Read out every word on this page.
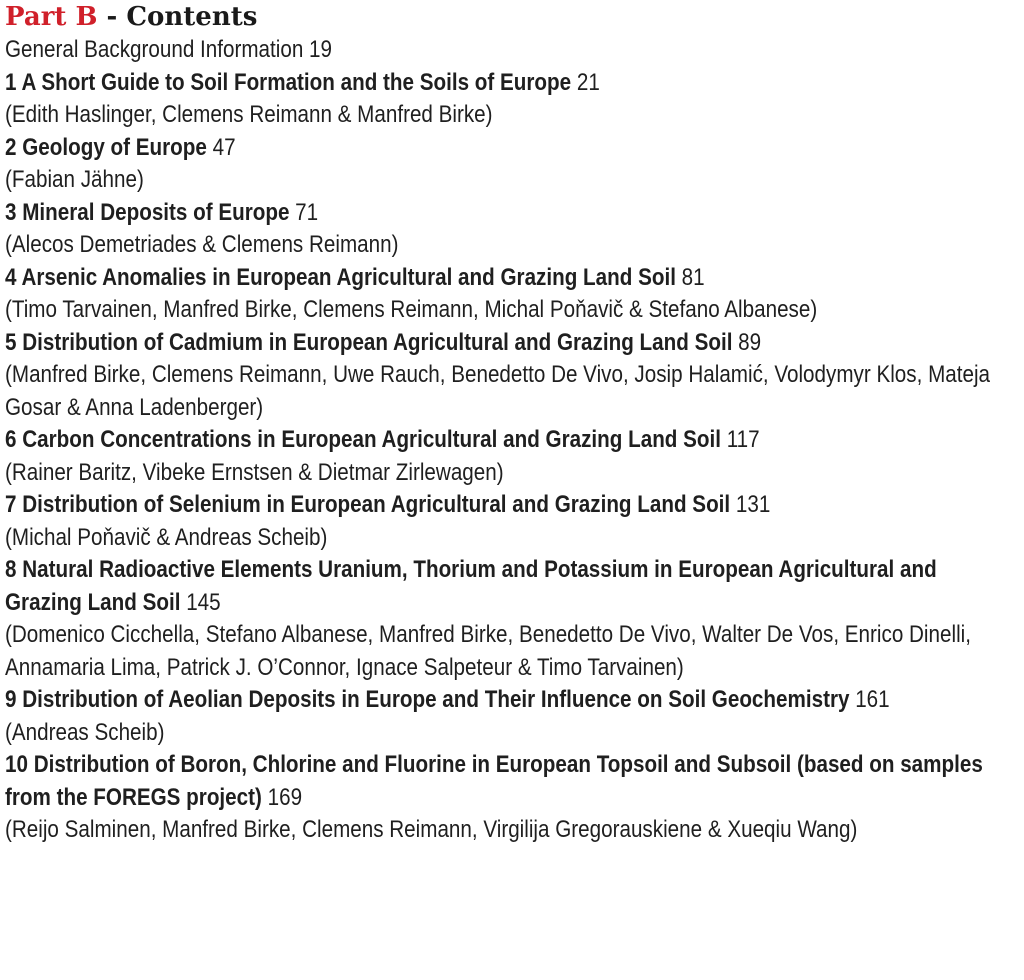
Part B - Contents
General Background Information 19
1 A Short Guide to Soil Formation and the Soils of Europe 21
(Edith Haslinger, Clemens Reimann & Manfred Birke)
2 Geology of Europe 47
(Fabian Jähne)
3 Mineral Deposits of Europe 71
(Alecos Demetriades & Clemens Reimann)
4 Arsenic Anomalies in European Agricultural and Grazing Land Soil 81
(Timo Tarvainen, Manfred Birke, Clemens Reimann, Michal Poňavič & Stefano Albanese)
5 Distribution of Cadmium in European Agricultural and Grazing Land Soil 89
(Manfred Birke, Clemens Reimann, Uwe Rauch, Benedetto De Vivo, Josip Halamić, Volodymyr Klos, Mateja Gosar & Anna Ladenberger)
6 Carbon Concentrations in European Agricultural and Grazing Land Soil 117
(Rainer Baritz, Vibeke Ernstsen & Dietmar Zirlewagen)
7 Distribution of Selenium in European Agricultural and Grazing Land Soil 131
(Michal Poňavič & Andreas Scheib)
8 Natural Radioactive Elements Uranium, Thorium and Potassium in European Agricultural and Grazing Land Soil 145
(Domenico Cicchella, Stefano Albanese, Manfred Birke, Benedetto De Vivo, Walter De Vos, Enrico Dinelli, Annamaria Lima, Patrick J. O’Connor, Ignace Salpeteur & Timo Tarvainen)
9 Distribution of Aeolian Deposits in Europe and Their Influence on Soil Geochemistry 161
(Andreas Scheib)
10 Distribution of Boron, Chlorine and Fluorine in European Topsoil and Subsoil (based on samples from the FOREGS project) 169
(Reijo Salminen, Manfred Birke, Clemens Reimann, Virgilija Gregorauskiene & Xueqiu Wang)
